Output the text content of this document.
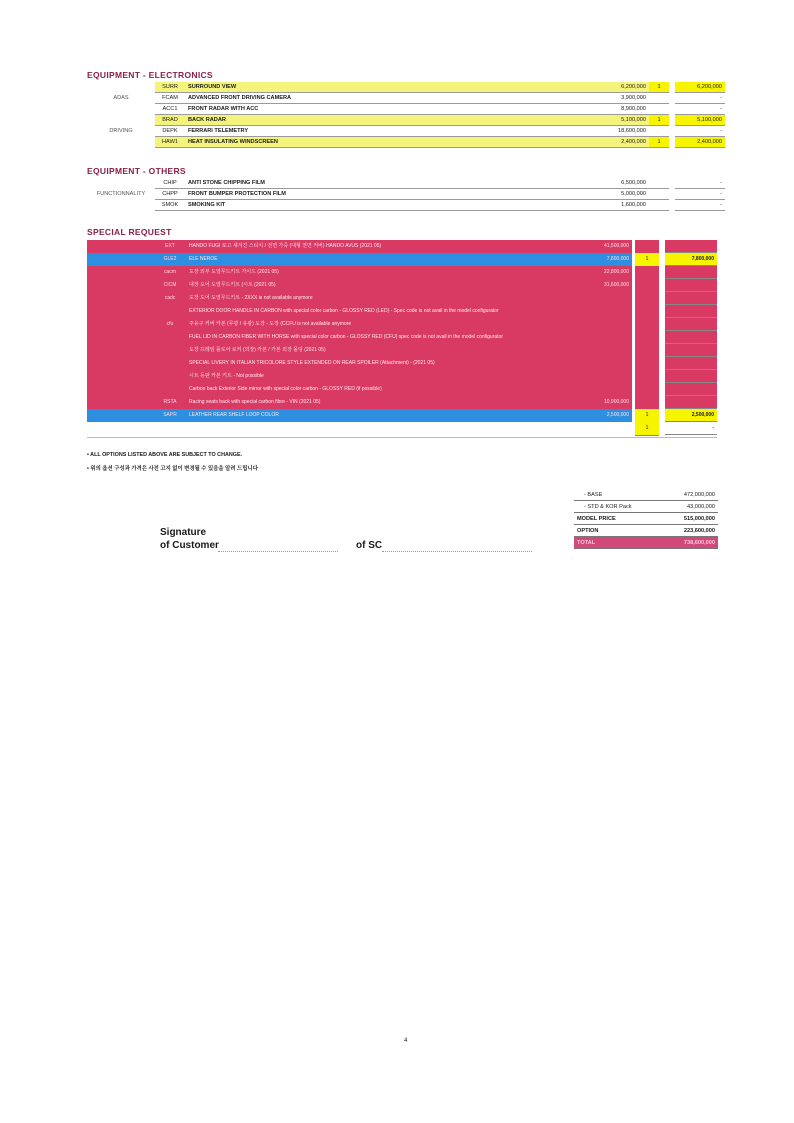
EQUIPMENT - ELECTRONICS
	SURR	SURROUND VIEW	6,200,000	1		6,200,000
ADAS	FCAM	ADVANCED FRONT DRIVING CAMERA	3,900,000			-
	ACC1	FRONT RADAR WITH ACC	8,900,000			-
	BRAD	BACK RADAR	5,100,000	1		5,100,000
DRIVING	DEPK	FERRARI TELEMETRY	18,600,000			-
	HAW1	HEAT INSULATING WINDSCREEN	2,400,000	1		2,400,000
EQUIPMENT - OTHERS
	CHIP	ANTI STONE CHIPPING FILM	6,500,000			-
FUNCTIONNALITY	CHPP	FRONT BUMPER PROTECTION FILM	5,000,000			-
	SMOK	SMOKING KIT	1,600,000			-
SPECIAL REQUEST
EXT	HANDO FUGI 로고 새겨진 스티치 / 전면 가죽 (대형 전면 커버) HANDO AVUS (2021 05)	41,500,000
GLE2	ELE NEROE	7,800,000	1	7,800,000
cacm	도장 외부 도열무드키트 가이드 (2021 05)	22,800,000
CICM	내장 도어 도열무드키트 (시트 (2021 05)	31,600,000
cadc	도장 도어 도열무드키트 - 2XXX is not available anymore
EXTERIOR DOOR HANDLE IN CARBON with special color carbon - GLOSSY RED (LED) - Spec code is not avail in the model configurator
cfu	주유구 커버 카본 (무광 / 유광) 도장 - 도장 (CCFU is not available anymore
FUEL LID IN CARBON FIBER WITH HORSE with special color carbon - GLOSSY RED (CFU) spec code is not avail in the model configurator
도장 프레임 플로어 로커 (외장) 카본 / 카본 외장 몰딩 (2021 05)
SPECIAL LIVERY IN ITALIAN TRICOLORE STYLE EXTENDED ON REAR SPOILER (Attachment) - (2021 05)
시트 등판 카본 키트 - Not possible
Carbon back Exterior Side mirror with special color carbon - GLOSSY RED (if possible)
RSTA	Racing seats back with special carbon fibre - VIN (2021 05)	10,900,000
SAPR	LEATHER REAR SHELF LOOP COLOR	2,500,000	1	2,500,000
1	-
• ALL OPTIONS LISTED ABOVE ARE SUBJECT TO CHANGE.
• 위의 옵션 구성과 가격은 사전 고지 없이 변경될 수 있음을 알려 드립니다
- BASE	472,000,000
- STD & KOR Pack	43,000,000
MODEL PRICE	515,000,000
OPTION	223,600,000
TOTAL	738,600,000
Signature
of Customer	of SC
4
